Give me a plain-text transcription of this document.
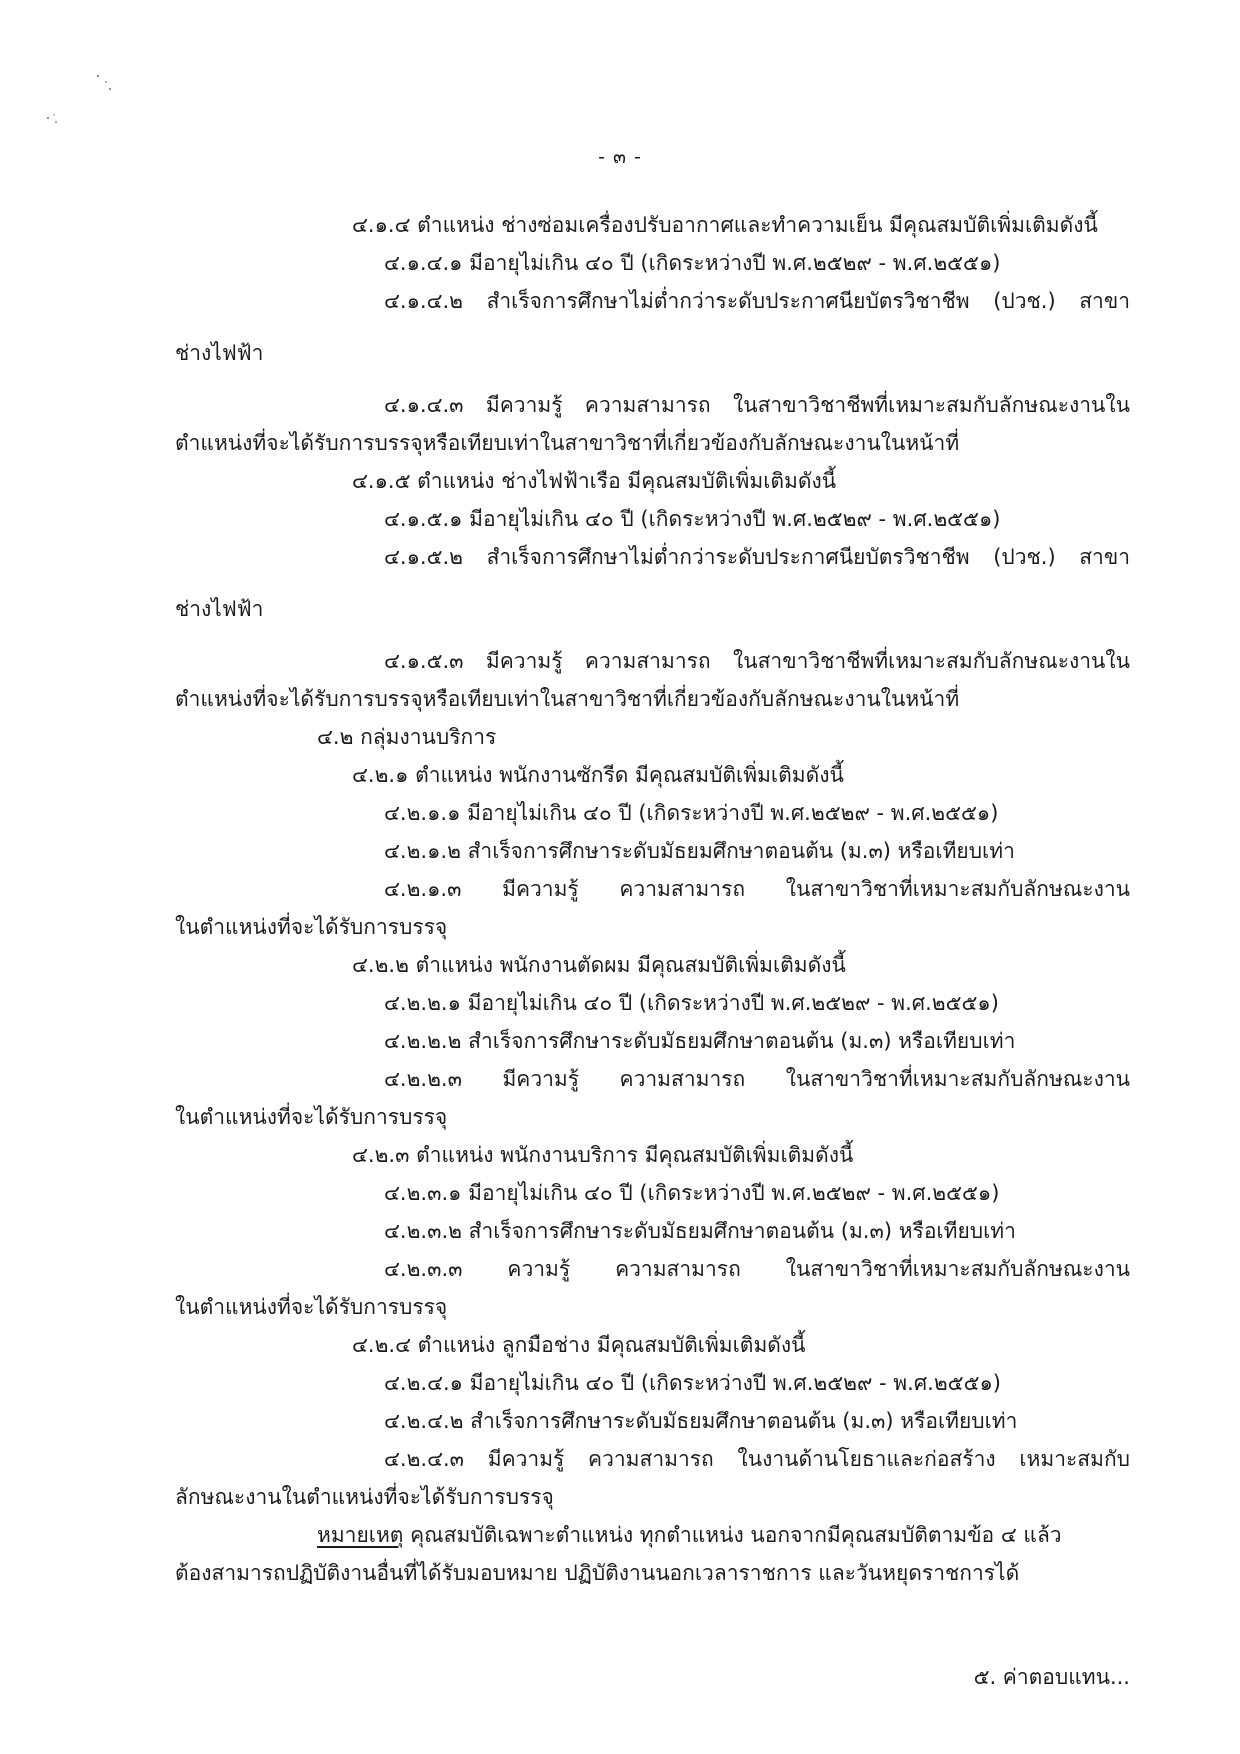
- ๓ -
๔.๑.๔ ตำแหน่ง ช่างซ่อมเครื่องปรับอากาศและทำความเย็น มีคุณสมบัติเพิ่มเติมดังนี้
๔.๑.๔.๑ มีอายุไม่เกิน ๔๐ ปี (เกิดระหว่างปี พ.ศ.๒๕๒๙ - พ.ศ.๒๕๕๑)
๔.๑.๔.๒ สำเร็จการศึกษาไม่ต่ำกว่าระดับประกาศนียบัตรวิชาชีพ (ปวช.) สาขา
ช่างไฟฟ้า
๔.๑.๔.๓ มีความรู้ ความสามารถ ในสาขาวิชาชีพที่เหมาะสมกับลักษณะงานใน
ตำแหน่งที่จะได้รับการบรรจุหรือเทียบเท่าในสาขาวิชาที่เกี่ยวข้องกับลักษณะงานในหน้าที่
๔.๑.๕ ตำแหน่ง ช่างไฟฟ้าเรือ มีคุณสมบัติเพิ่มเติมดังนี้
๔.๑.๕.๑ มีอายุไม่เกิน ๔๐ ปี (เกิดระหว่างปี พ.ศ.๒๕๒๙ - พ.ศ.๒๕๕๑)
๔.๑.๕.๒ สำเร็จการศึกษาไม่ต่ำกว่าระดับประกาศนียบัตรวิชาชีพ (ปวช.) สาขา
ช่างไฟฟ้า
๔.๑.๕.๓ มีความรู้ ความสามารถ ในสาขาวิชาชีพที่เหมาะสมกับลักษณะงานใน
ตำแหน่งที่จะได้รับการบรรจุหรือเทียบเท่าในสาขาวิชาที่เกี่ยวข้องกับลักษณะงานในหน้าที่
๔.๒ กลุ่มงานบริการ
๔.๒.๑ ตำแหน่ง พนักงานซักรีด มีคุณสมบัติเพิ่มเติมดังนี้
๔.๒.๑.๑ มีอายุไม่เกิน ๔๐ ปี (เกิดระหว่างปี พ.ศ.๒๕๒๙ - พ.ศ.๒๕๕๑)
๔.๒.๑.๒ สำเร็จการศึกษาระดับมัธยมศึกษาตอนต้น (ม.๓) หรือเทียบเท่า
๔.๒.๑.๓ มีความรู้ ความสามารถ ในสาขาวิชาที่เหมาะสมกับลักษณะงาน
ในตำแหน่งที่จะได้รับการบรรจุ
๔.๒.๒ ตำแหน่ง พนักงานตัดผม มีคุณสมบัติเพิ่มเติมดังนี้
๔.๒.๒.๑ มีอายุไม่เกิน ๔๐ ปี (เกิดระหว่างปี พ.ศ.๒๕๒๙ - พ.ศ.๒๕๕๑)
๔.๒.๒.๒ สำเร็จการศึกษาระดับมัธยมศึกษาตอนต้น (ม.๓) หรือเทียบเท่า
๔.๒.๒.๓ มีความรู้ ความสามารถ ในสาขาวิชาที่เหมาะสมกับลักษณะงาน
ในตำแหน่งที่จะได้รับการบรรจุ
๔.๒.๓ ตำแหน่ง พนักงานบริการ มีคุณสมบัติเพิ่มเติมดังนี้
๔.๒.๓.๑ มีอายุไม่เกิน ๔๐ ปี (เกิดระหว่างปี พ.ศ.๒๕๒๙ - พ.ศ.๒๕๕๑)
๔.๒.๓.๒ สำเร็จการศึกษาระดับมัธยมศึกษาตอนต้น (ม.๓) หรือเทียบเท่า
๔.๒.๓.๓ ความรู้ ความสามารถ ในสาขาวิชาที่เหมาะสมกับลักษณะงาน
ในตำแหน่งที่จะได้รับการบรรจุ
๔.๒.๔ ตำแหน่ง ลูกมือช่าง มีคุณสมบัติเพิ่มเติมดังนี้
๔.๒.๔.๑ มีอายุไม่เกิน ๔๐ ปี (เกิดระหว่างปี พ.ศ.๒๕๒๙ - พ.ศ.๒๕๕๑)
๔.๒.๔.๒ สำเร็จการศึกษาระดับมัธยมศึกษาตอนต้น (ม.๓) หรือเทียบเท่า
๔.๒.๔.๓ มีความรู้ ความสามารถ ในงานด้านโยธาและก่อสร้าง เหมาะสมกับ
ลักษณะงานในตำแหน่งที่จะได้รับการบรรจุ
หมายเหตุ คุณสมบัติเฉพาะตำแหน่ง ทุกตำแหน่ง นอกจากมีคุณสมบัติตามข้อ ๔ แล้ว
ต้องสามารถปฏิบัติงานอื่นที่ได้รับมอบหมาย ปฏิบัติงานนอกเวลาราชการ และวันหยุดราชการได้
๕. ค่าตอบแทน...
